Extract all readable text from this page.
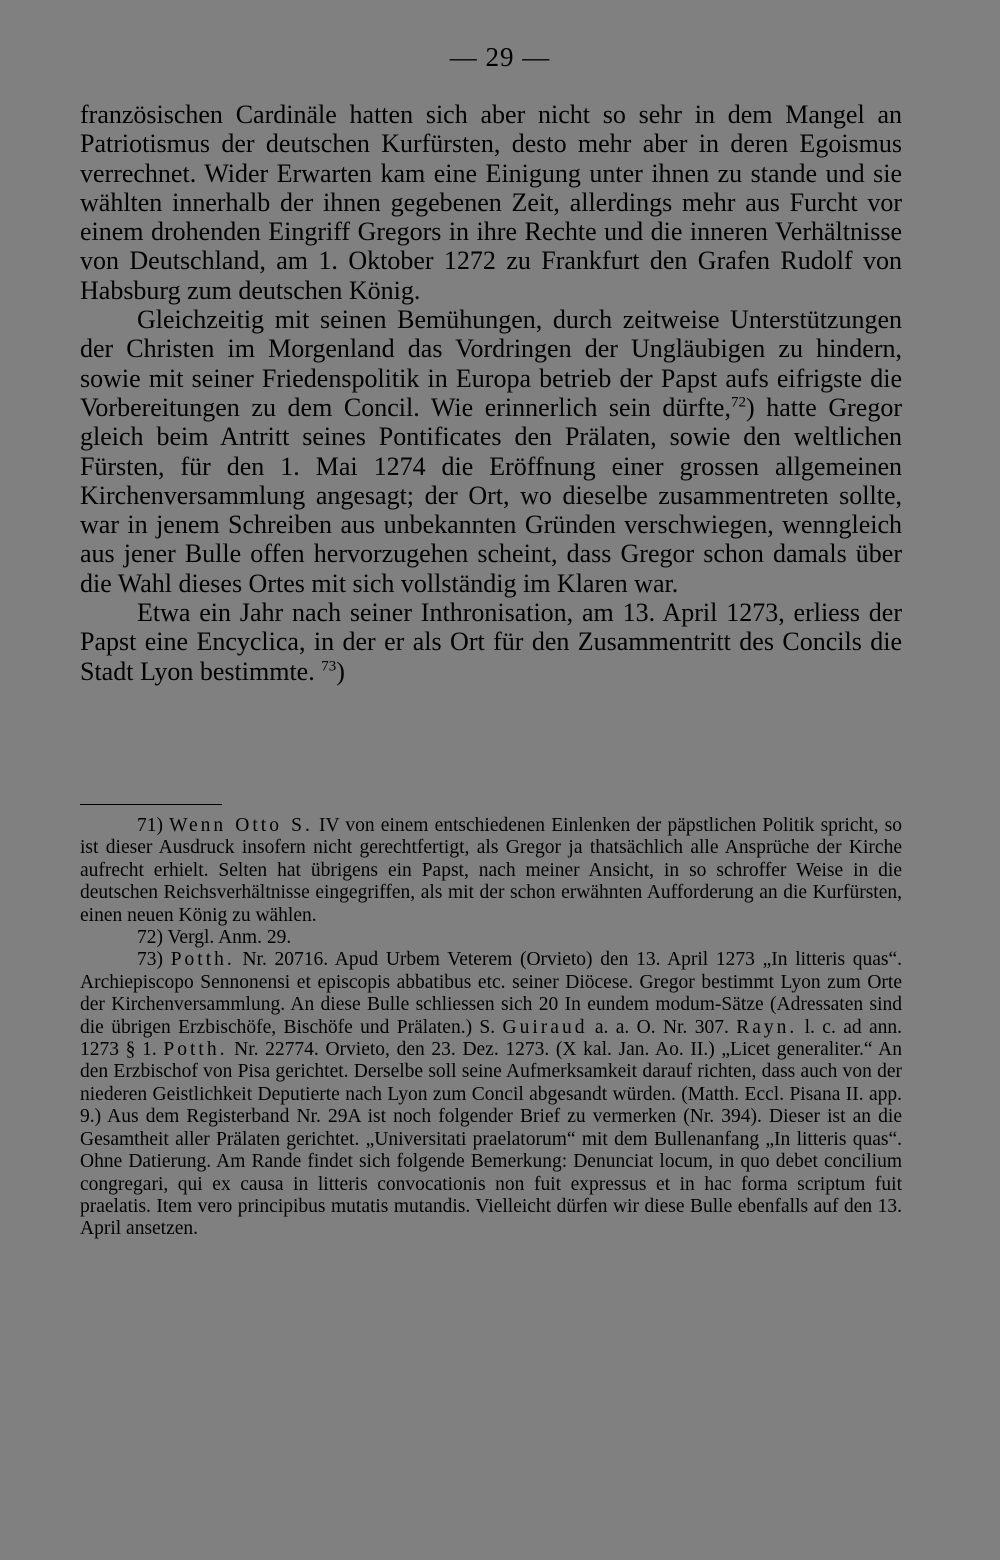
— 29 —

französischen Cardinäle hatten sich aber nicht so sehr in dem Mangel an Patriotismus der deutschen Kurfürsten, desto mehr aber in deren Egoismus verrechnet. Wider Erwarten kam eine Einigung unter ihnen zu stande und sie wählten innerhalb der ihnen gegebenen Zeit, allerdings mehr aus Furcht vor einem drohenden Eingriff Gregors in ihre Rechte und die inneren Verhältnisse von Deutschland, am 1. Oktober 1272 zu Frankfurt den Grafen Rudolf von Habsburg zum deutschen König.

Gleichzeitig mit seinen Bemühungen, durch zeitweise Unterstützungen der Christen im Morgenland das Vordringen der Ungläubigen zu hindern, sowie mit seiner Friedenspolitik in Europa betrieb der Papst aufs eifrigste die Vorbereitungen zu dem Concil. Wie erinnerlich sein dürfte,$^{72}$) hatte Gregor gleich beim Antritt seines Pontificates den Prälaten, sowie den weltlichen Fürsten, für den 1. Mai 1274 die Eröffnung einer grossen allgemeinen Kirchenversammlung angesagt; der Ort, wo dieselbe zusammentreten sollte, war in jenem Schreiben aus unbekannten Gründen verschwiegen, wenngleich aus jener Bulle offen hervorzugehen scheint, dass Gregor schon damals über die Wahl dieses Ortes mit sich vollständig im Klaren war.

Etwa ein Jahr nach seiner Inthronisation, am 13. April 1273, erliess der Papst eine Encyclica, in der er als Ort für den Zusammentritt des Concils die Stadt Lyon bestimmte. $^{73}$)

71) Wenn Otto S. IV von einem entschiedenen Einlenken der päpstlichen Politik spricht, so ist dieser Ausdruck insofern nicht gerechtfertigt, als Gregor ja thatsächlich alle Ansprüche der Kirche aufrecht erhielt. Selten hat übrigens ein Papst, nach meiner Ansicht, in so schroffer Weise in die deutschen Reichsverhältnisse eingegriffen, als mit der schon erwähnten Aufforderung an die Kurfürsten, einen neuen König zu wählen.

72) Vergl. Anm. 29.

73) Potth. Nr. 20716. Apud Urbem Veterem (Orvieto) den 13. April 1273 „In litteris quas“. Archiepiscopo Sennonensi et episcopis abbatibus etc. seiner Diöcese. Gregor bestimmt Lyon zum Orte der Kirchenversammlung. An diese Bulle schliessen sich 20 In eundem modum-Sätze (Adressaten sind die übrigen Erzbischöfe, Bischöfe und Prälaten.) S. Guiraud a. a. O. Nr. 307. Rayn. l. c. ad ann. 1273 § 1. Potth. Nr. 22774. Orvieto, den 23. Dez. 1273. (X kal. Jan. Ao. II.) „Licet generaliter.“ An den Erzbischof von Pisa gerichtet. Derselbe soll seine Aufmerksamkeit darauf richten, dass auch von der niederen Geistlichkeit Deputierte nach Lyon zum Concil abgesandt würden. (Matth. Eccl. Pisana II. app. 9.) Aus dem Registerband Nr. 29A ist noch folgender Brief zu vermerken (Nr. 394). Dieser ist an die Gesamtheit aller Prälaten gerichtet. „Universitati praelatorum“ mit dem Bullenanfang „In litteris quas“. Ohne Datierung. Am Rande findet sich folgende Bemerkung: Denunciat locum, in quo debet concilium congregari, qui ex causa in litteris convocationis non fuit expressus et in hac forma scriptum fuit praelatis. Item vero principibus mutatis mutandis. Vielleicht dürfen wir diese Bulle ebenfalls auf den 13. April ansetzen.
